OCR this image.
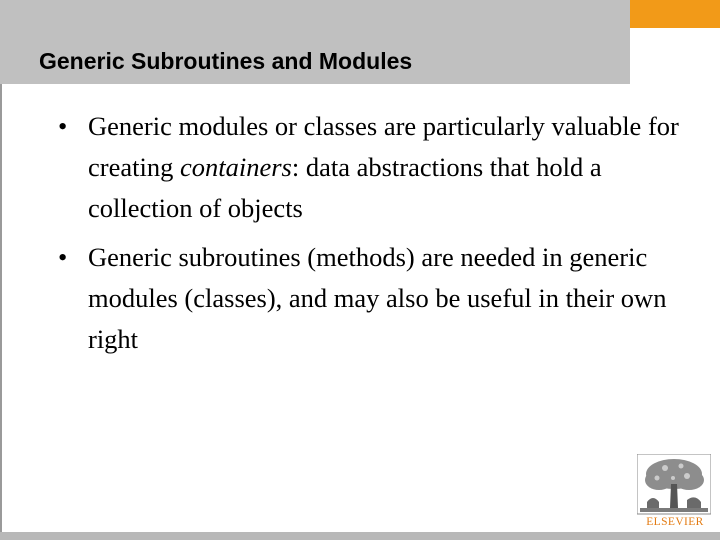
Generic Subroutines and Modules
• Generic modules or classes are particularly valuable for creating containers: data abstractions that hold a collection of objects
• Generic subroutines (methods) are needed in generic modules (classes), and may also be useful in their own right
ELSEVIER
